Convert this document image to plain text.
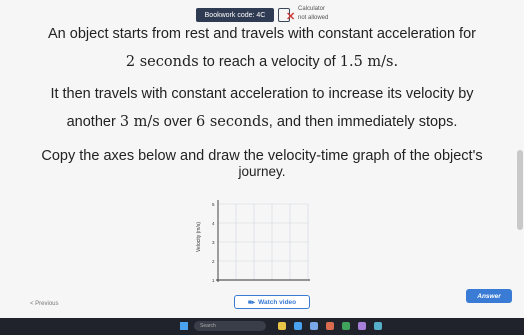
Bookwork code: 4C	✕
Calculator
not allowed
An object starts from rest and travels with constant acceleration for
2 seconds to reach a velocity of 1.5 m/s.
It then travels with constant acceleration to increase its velocity by
another 3 m/s over 6 seconds, and then immediately stops.
Copy the axes below and draw the velocity-time graph of the object's
journey.
Velocity (m/s)
5
4
3
2
1
< Previous	■▸ Watch video
Answer
Search
